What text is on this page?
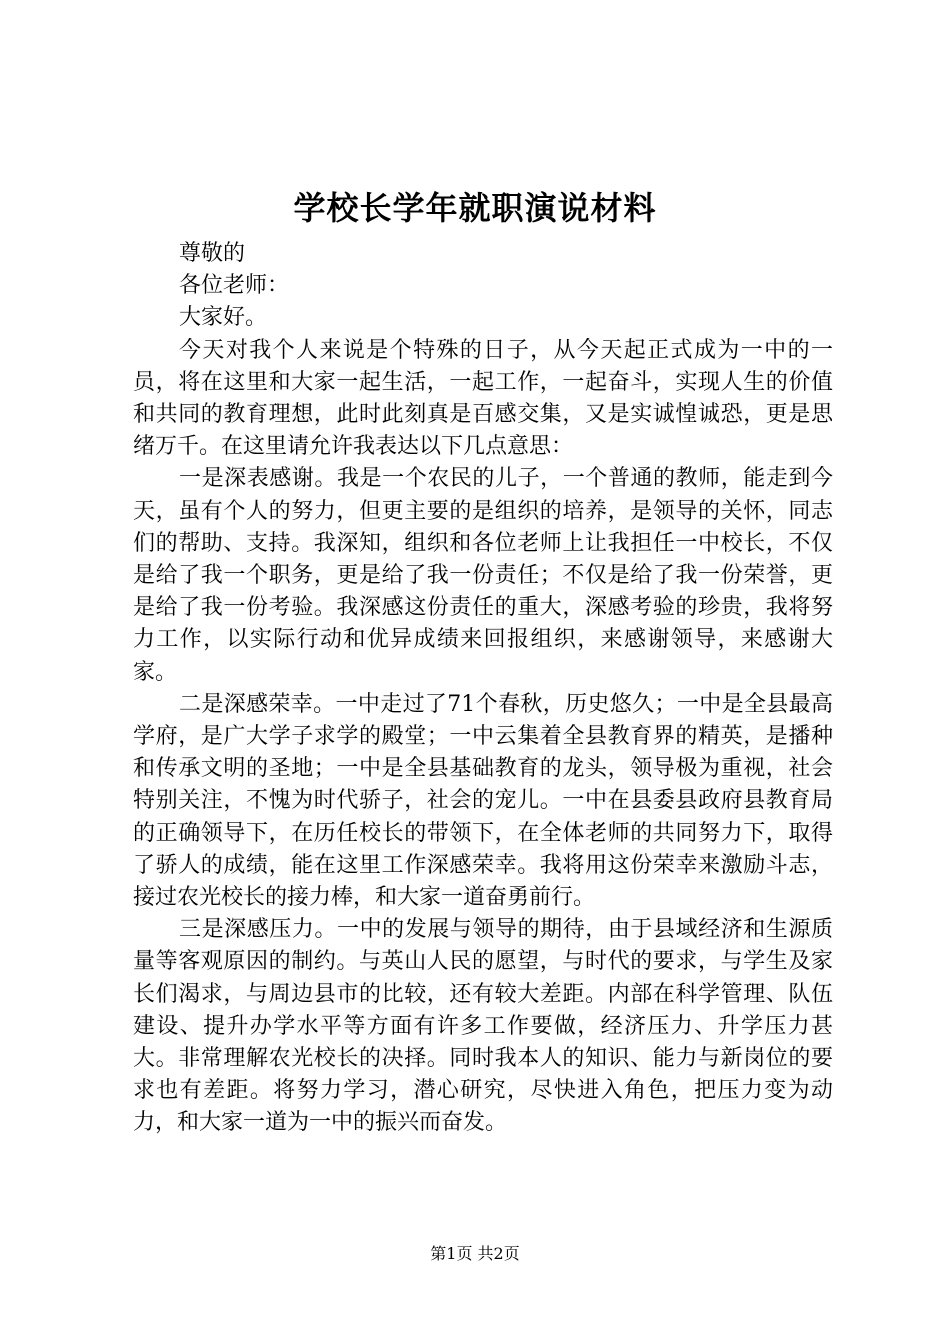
学校长学年就职演说材料

尊敬的

各位老师：

大家好。

今天对我个人来说是个特殊的日子，从今天起正式成为一中的一员，将在这里和大家一起生活，一起工作，一起奋斗，实现人生的价值和共同的教育理想，此时此刻真是百感交集，又是实诚惶诚恐，更是思绪万千。在这里请允许我表达以下几点意思：

一是深表感谢。我是一个农民的儿子，一个普通的教师，能走到今天，虽有个人的努力，但更主要的是组织的培养，是领导的关怀，同志们的帮助、支持。我深知，组织和各位老师上让我担任一中校长，不仅是给了我一个职务，更是给了我一份责任；不仅是给了我一份荣誉，更是给了我一份考验。我深感这份责任的重大，深感考验的珍贵，我将努力工作，以实际行动和优异成绩来回报组织，来感谢领导，来感谢大家。

二是深感荣幸。一中走过了71个春秋，历史悠久；一中是全县最高学府，是广大学子求学的殿堂；一中云集着全县教育界的精英，是播种和传承文明的圣地；一中是全县基础教育的龙头，领导极为重视，社会特别关注，不愧为时代骄子，社会的宠儿。一中在县委县政府县教育局的正确领导下，在历任校长的带领下，在全体老师的共同努力下，取得了骄人的成绩，能在这里工作深感荣幸。我将用这份荣幸来激励斗志，接过农光校长的接力棒，和大家一道奋勇前行。

三是深感压力。一中的发展与领导的期待，由于县域经济和生源质量等客观原因的制约。与英山人民的愿望，与时代的要求，与学生及家长们渴求，与周边县市的比较，还有较大差距。内部在科学管理、队伍建设、提升办学水平等方面有许多工作要做，经济压力、升学压力甚大。非常理解农光校长的决择。同时我本人的知识、能力与新岗位的要求也有差距。将努力学习，潜心研究，尽快进入角色，把压力变为动力，和大家一道为一中的振兴而奋发。

第1页 共2页
